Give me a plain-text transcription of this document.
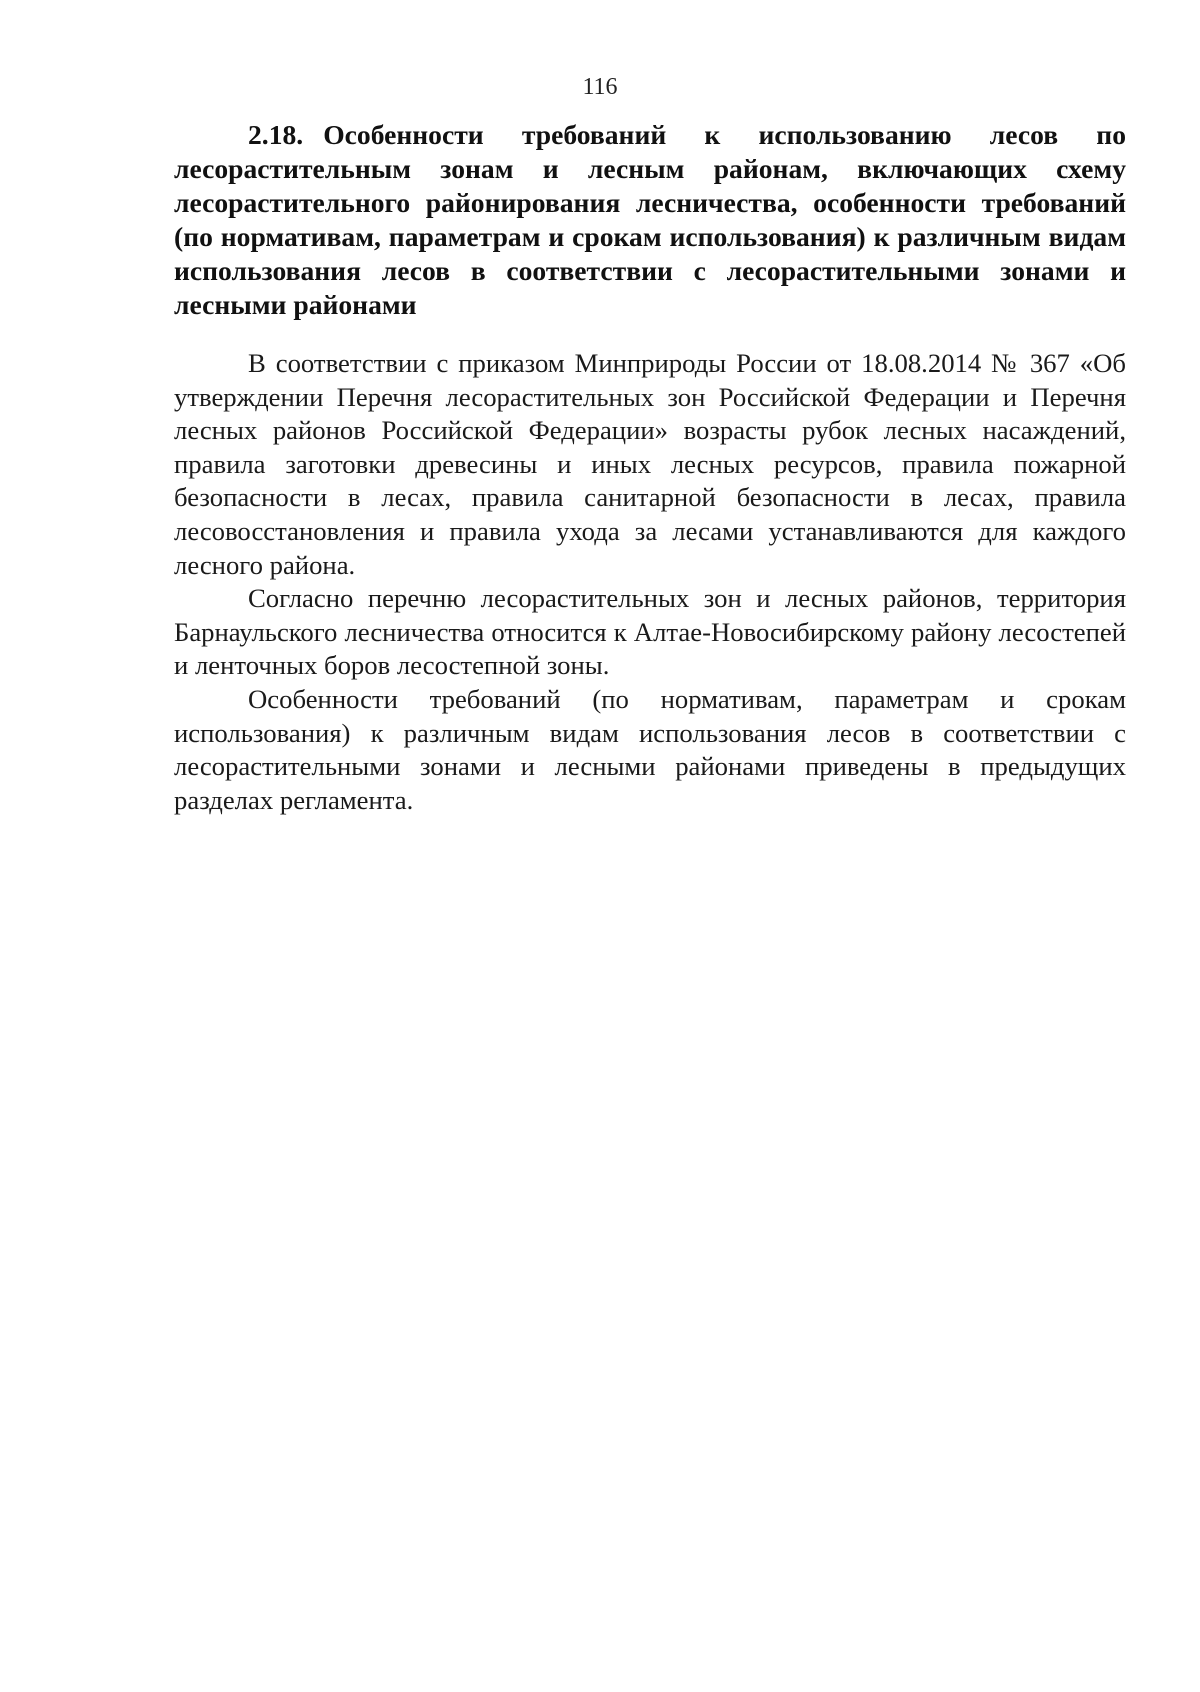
116
2.18. Особенности требований к использованию лесов по лесорастительным зонам и лесным районам, включающих схему лесорастительного районирования лесничества, особенности требований (по нормативам, параметрам и срокам использования) к различным видам использования лесов в соответствии с лесорастительными зонами и лесными районами

В соответствии с приказом Минприроды России от 18.08.2014 № 367 «Об утверждении Перечня лесорастительных зон Российской Федерации и Перечня лесных районов Российской Федерации» возрасты рубок лесных насаждений, правила заготовки древесины и иных лесных ресурсов, правила пожарной безопасности в лесах, правила санитарной безопасности в лесах, правила лесовосстановления и правила ухода за лесами устанавливаются для каждого лесного района.

Согласно перечню лесорастительных зон и лесных районов, территория Барнаульского лесничества относится к Алтае-Новосибирскому району лесостепей и ленточных боров лесостепной зоны.

Особенности требований (по нормативам, параметрам и срокам использования) к различным видам использования лесов в соответствии с лесорастительными зонами и лесными районами приведены в предыдущих разделах регламента.
